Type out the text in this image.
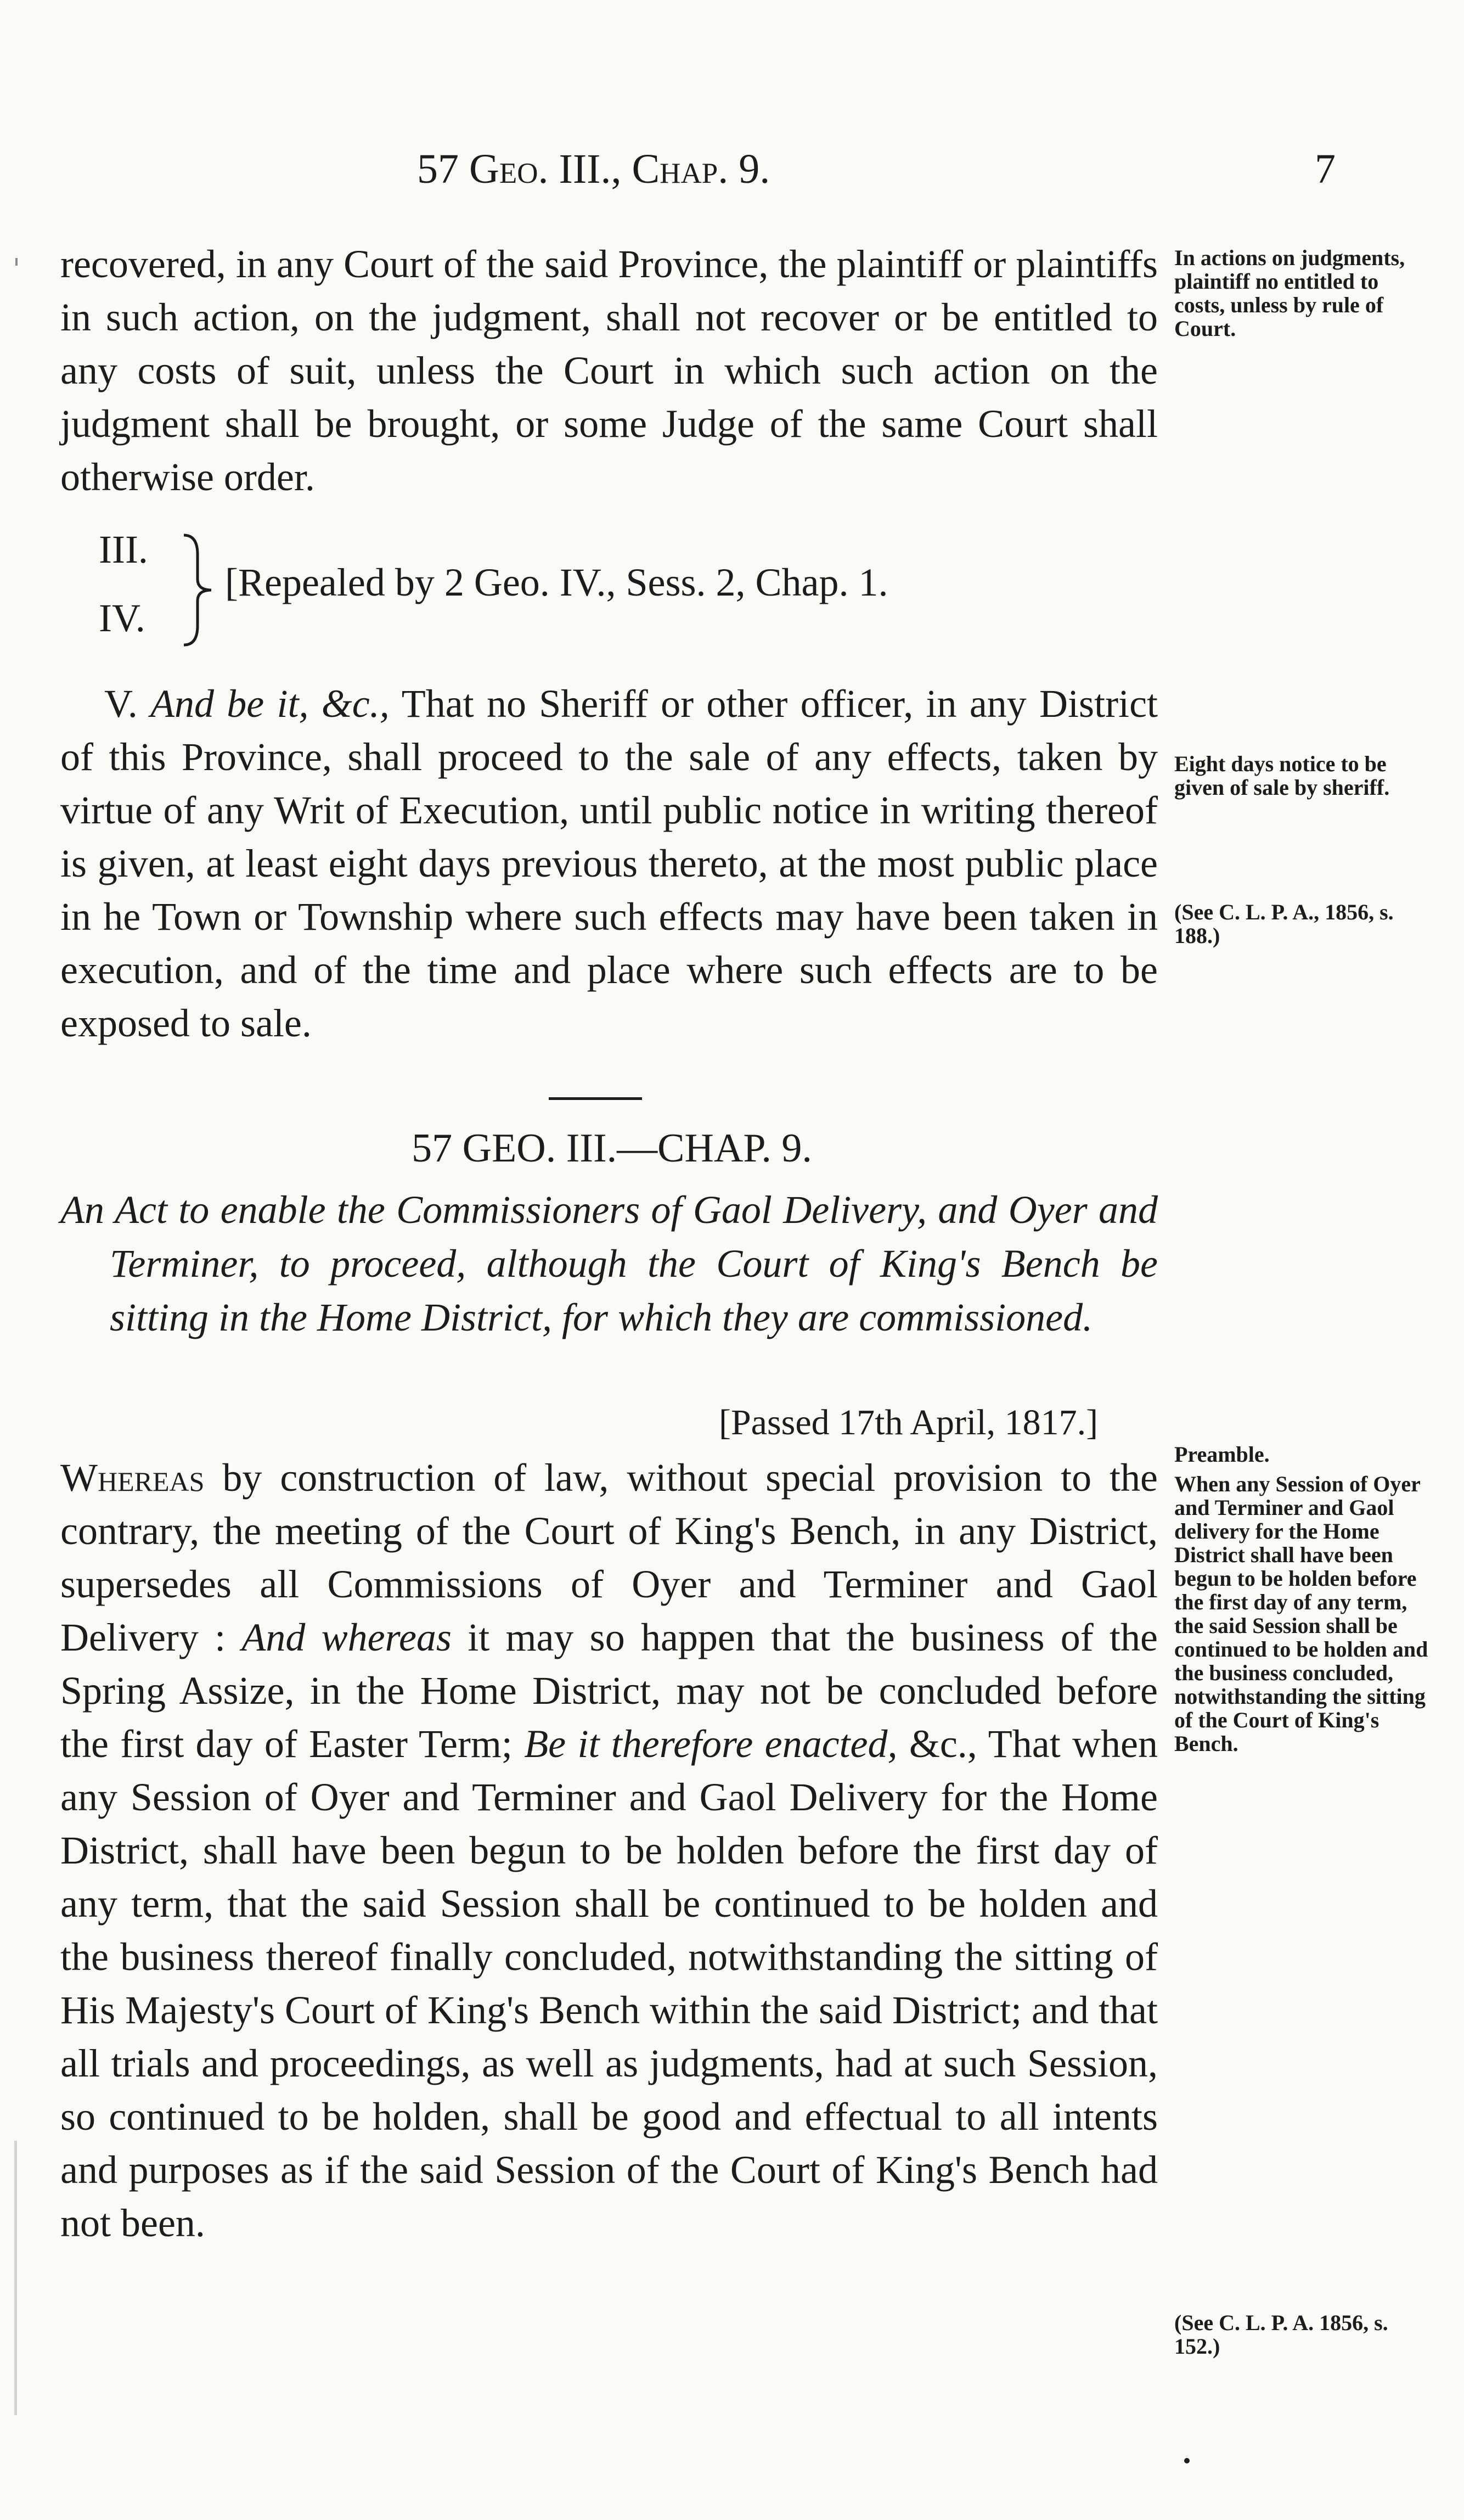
57 Geo. III., Chap. 9.	7

recovered, in any Court of the said Province, the plaintiff or plaintiffs in such action, on the judgment, shall not recover or be entitled to any costs of suit, unless the Court in which such action on the judgment shall be brought, or some Judge of the same Court shall otherwise order.

III.
IV.
[Repealed by 2 Geo. IV., Sess. 2, Chap. 1.

V. And be it, &c., That no Sheriff or other officer, in any District of this Province, shall proceed to the sale of any effects, taken by virtue of any Writ of Execution, until public notice in writing thereof is given, at least eight days previous thereto, at the most public place in he Town or Township where such effects may have been taken in execution, and of the time and place where such effects are to be exposed to sale.

57 GEO. III.—CHAP. 9.

An Act to enable the Commissioners of Gaol Delivery, and Oyer and Terminer, to proceed, although the Court of King's Bench be sitting in the Home District, for which they are commissioned.

[Passed 17th April, 1817.]

Whereas by construction of law, without special provision to the contrary, the meeting of the Court of King's Bench, in any District, supersedes all Commissions of Oyer and Terminer and Gaol Delivery : And whereas it may so happen that the business of the Spring Assize, in the Home District, may not be concluded before the first day of Easter Term; Be it therefore enacted, &c., That when any Session of Oyer and Terminer and Gaol Delivery for the Home District, shall have been begun to be holden before the first day of any term, that the said Session shall be continued to be holden and the business thereof finally concluded, notwithstanding the sitting of His Majesty's Court of King's Bench within the said District; and that all trials and proceedings, as well as judgments, had at such Session, so continued to be holden, shall be good and effectual to all intents and purposes as if the said Session of the Court of King's Bench had not been.

In actions on judgments, plaintiff no entitled to costs, unless by rule of Court.
Eight days notice to be given of sale by sheriff.
(See C. L. P. A., 1856, s. 188.)
Preamble.
When any Session of Oyer and Terminer and Gaol delivery for the Home District shall have been begun to be holden before the first day of any term, the said Session shall be continued to be holden and the business concluded, notwithstanding the sitting of the Court of King's Bench.
(See C. L. P. A. 1856, s. 152.)
